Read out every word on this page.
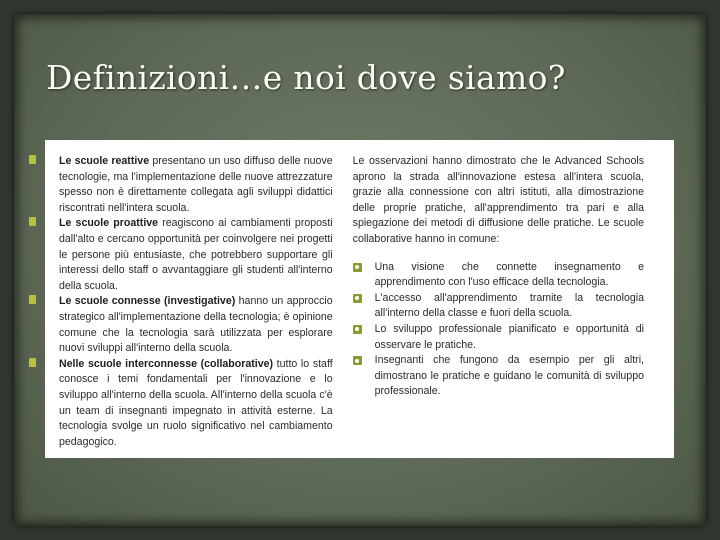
Definizioni…e noi dove siamo?

Le scuole reattive presentano un uso diffuso delle nuove tecnologie, ma l'implementazione delle nuove attrezzature spesso non è direttamente collegata agli sviluppi didattici riscontrati nell'intera scuola.

Le scuole proattive reagiscono ai cambiamenti proposti dall'alto e cercano opportunità per coinvolgere nei progetti le persone più entusiaste, che potrebbero supportare gli interessi dello staff o avvantaggiare gli studenti all'interno della scuola.

Le scuole connesse (investigative) hanno un approccio strategico all'implementazione della tecnologia; è opinione comune che la tecnologia sarà utilizzata per esplorare nuovi sviluppi all'interno della scuola.

Nelle scuole interconnesse (collaborative) tutto lo staff conosce i temi fondamentali per l'innovazione e lo sviluppo all'interno della scuola. All'interno della scuola c'è un team di insegnanti impegnato in attività esterne. La tecnologia svolge un ruolo significativo nel cambiamento pedagogico.

Le osservazioni hanno dimostrato che le Advanced Schools aprono la strada all'innovazione estesa all'intera scuola, grazie alla connessione con altri istituti, alla dimostrazione delle proprie pratiche, all'apprendimento tra pari e alla spiegazione dei metodi di diffusione delle pratiche. Le scuole collaborative hanno in comune:

Una visione che connette insegnamento e apprendimento con l'uso efficace della tecnologia.
L'accesso all'apprendimento tramite la tecnologia all'interno della classe e fuori della scuola.
Lo sviluppo professionale pianificato e opportunità di osservare le pratiche.
Insegnanti che fungono da esempio per gli altri, dimostrano le pratiche e guidano le comunità di sviluppo professionale.
